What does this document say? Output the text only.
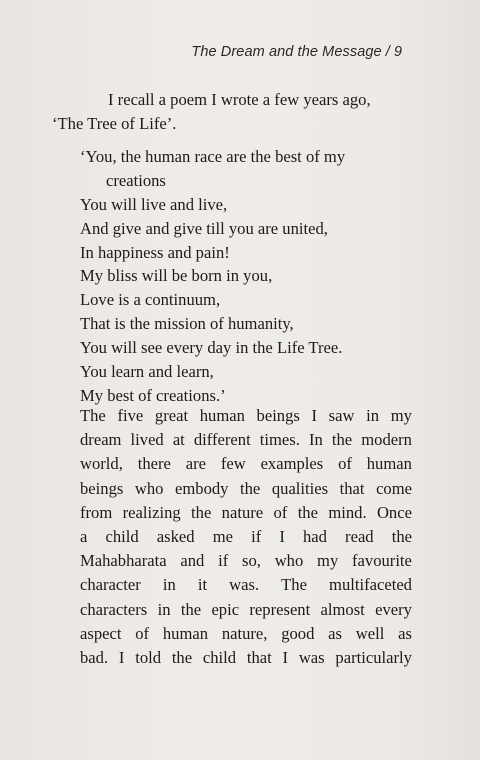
The Dream and the Message / 9

I recall a poem I wrote a few years ago,
‘The Tree of Life’.

‘You, the human race are the best of my
creations
You will live and live,
And give and give till you are united,
In happiness and pain!
My bliss will be born in you,
Love is a continuum,
That is the mission of humanity,
You will see every day in the Life Tree.
You learn and learn,
My best of creations.’
The five great human beings I saw in my
dream lived at different times. In the modern
world, there are few examples of human
beings who embody the qualities that come
from realizing the nature of the mind. Once
a child asked me if I had read the
Mahabharata and if so, who my favourite
character in it was. The multifaceted
characters in the epic represent almost every
aspect of human nature, good as well as
bad. I told the child that I was particularly
